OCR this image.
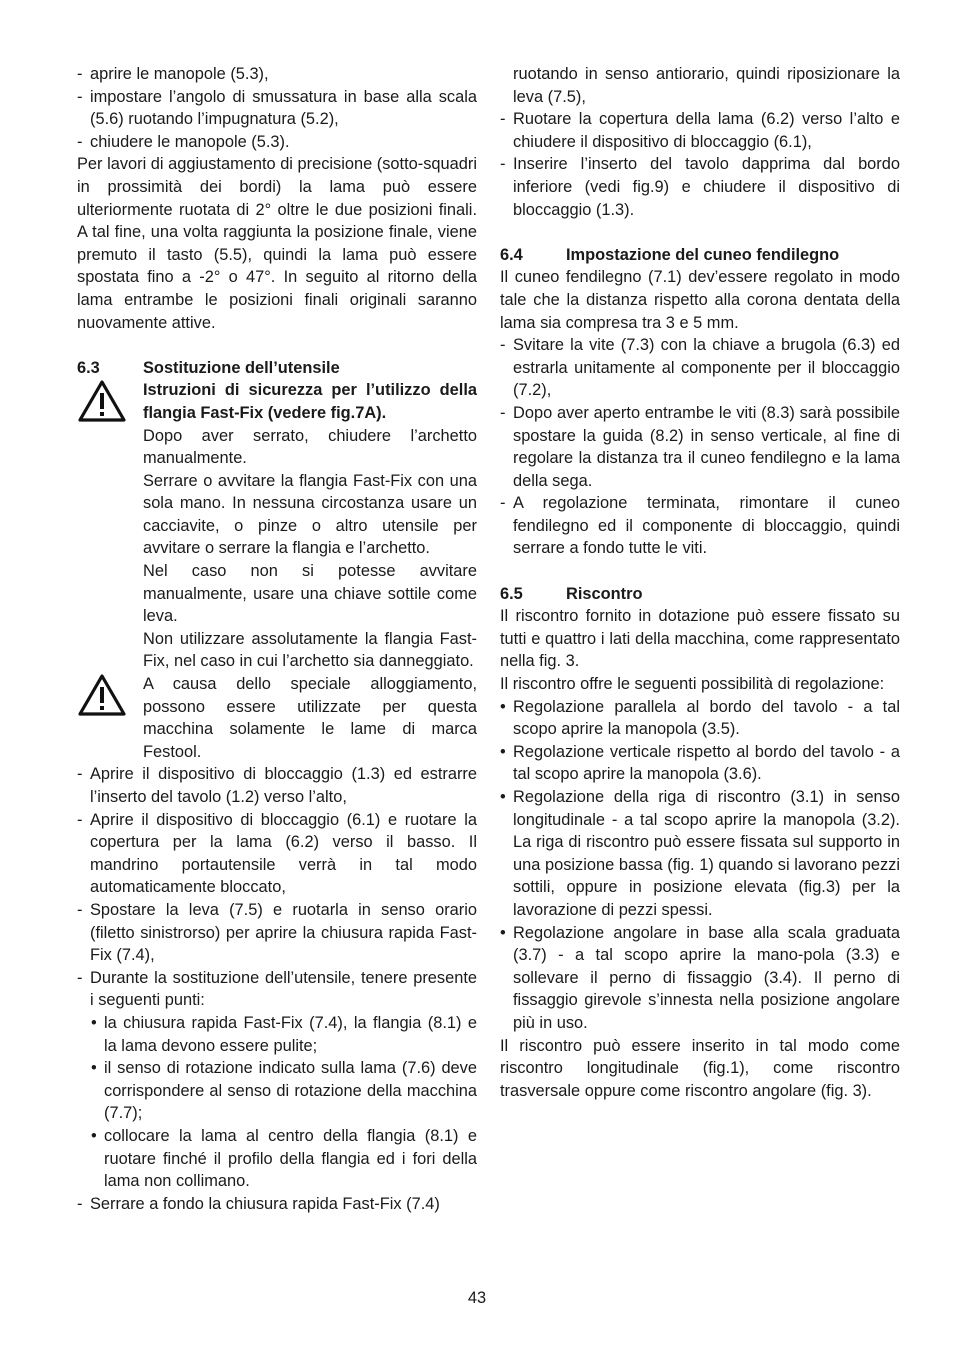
- aprire le manopole (5.3),
- impostare l’angolo di smussatura in base alla scala (5.6) ruotando l’impugnatura (5.2),
- chiudere le manopole (5.3).

Per lavori di aggiustamento di precisione (sotto-squadri in prossimità dei bordi) la lama può essere ulteriormente ruotata di 2° oltre le due posizioni finali. A tal fine, una volta raggiunta la posizione finale, viene premuto il tasto (5.5), quindi la lama può essere spostata fino a -2° o 47°. In seguito al ritorno della lama entrambe le posizioni finali originali saranno nuovamente attive.

6.3	Sostituzione dell’utensile

Istruzioni di sicurezza per l’utilizzo della flangia Fast-Fix (vedere fig.7A).

Dopo aver serrato, chiudere l’archetto manualmente.

Serrare o avvitare la flangia Fast-Fix con una sola mano. In nessuna circostanza usare un cacciavite, o pinze o altro utensile per avvitare o serrare la flangia e l’archetto.

Nel caso non si potesse avvitare manualmente, usare una chiave sottile come leva.

Non utilizzare assolutamente la flangia Fast-Fix, nel caso in cui l’archetto sia danneggiato.

A causa dello speciale alloggiamento, possono essere utilizzate per questa macchina solamente le lame di marca Festool.

- Aprire il dispositivo di bloccaggio (1.3) ed estrarre l’inserto del tavolo (1.2) verso l’alto,
- Aprire il dispositivo di bloccaggio (6.1) e ruotare la copertura per la lama (6.2) verso il basso. Il mandrino portautensile verrà in tal modo automaticamente bloccato,
- Spostare la leva (7.5) e ruotarla in senso orario (filetto sinistrorso) per aprire la chiusura rapida Fast-Fix (7.4),
- Durante la sostituzione dell’utensile, tenere presente i seguenti punti:
• la chiusura rapida Fast-Fix (7.4), la flangia (8.1) e la lama devono essere pulite;
• il senso di rotazione indicato sulla lama (7.6) deve corrispondere al senso di rotazione della macchina (7.7);
• collocare la lama al centro della flangia (8.1) e ruotare finché il profilo della flangia ed i fori della lama non collimano.
- Serrare a fondo la chiusura rapida Fast-Fix (7.4)

ruotando in senso antiorario, quindi riposizionare la leva (7.5),

- Ruotare la copertura della lama (6.2) verso l’alto e chiudere il dispositivo di bloccaggio (6.1),
- Inserire l’inserto del tavolo dapprima dal bordo inferiore (vedi fig.9) e chiudere il dispositivo di bloccaggio (1.3).
6.4	Impostazione del cuneo fendilegno

Il cuneo fendilegno (7.1) dev’essere regolato in modo tale che la distanza rispetto alla corona dentata della lama sia compresa tra 3 e 5 mm.

- Svitare la vite (7.3) con la chiave a brugola (6.3) ed estrarla unitamente al componente per il bloccaggio (7.2),
- Dopo aver aperto entrambe le viti (8.3) sarà possibile spostare la guida (8.2) in senso verticale, al fine di regolare la distanza tra il cuneo fendilegno e la lama della sega.
- A regolazione terminata, rimontare il cuneo fendilegno ed il componente di bloccaggio, quindi serrare a fondo tutte le viti.
6.5	Riscontro

Il riscontro fornito in dotazione può essere fissato su tutti e quattro i lati della macchina, come rappresentato nella fig. 3.

Il riscontro offre le seguenti possibilità di regolazione:

• Regolazione parallela al bordo del tavolo - a tal scopo aprire la manopola (3.5).
• Regolazione verticale rispetto al bordo del tavolo - a tal scopo aprire la manopola (3.6).
• Regolazione della riga di riscontro (3.1) in senso longitudinale - a tal scopo aprire la manopola (3.2). La riga di riscontro può essere fissata sul supporto in una posizione bassa (fig. 1) quando si lavorano pezzi sottili, oppure in posizione elevata (fig.3) per la lavorazione di pezzi spessi.
• Regolazione angolare in base alla scala graduata (3.7) - a tal scopo aprire la mano-pola (3.3) e sollevare il perno di fissaggio (3.4). Il perno di fissaggio girevole s’innesta nella posizione angolare più in uso.

Il riscontro può essere inserito in tal modo come riscontro longitudinale (fig.1), come riscontro trasversale oppure come riscontro angolare (fig. 3).

43
